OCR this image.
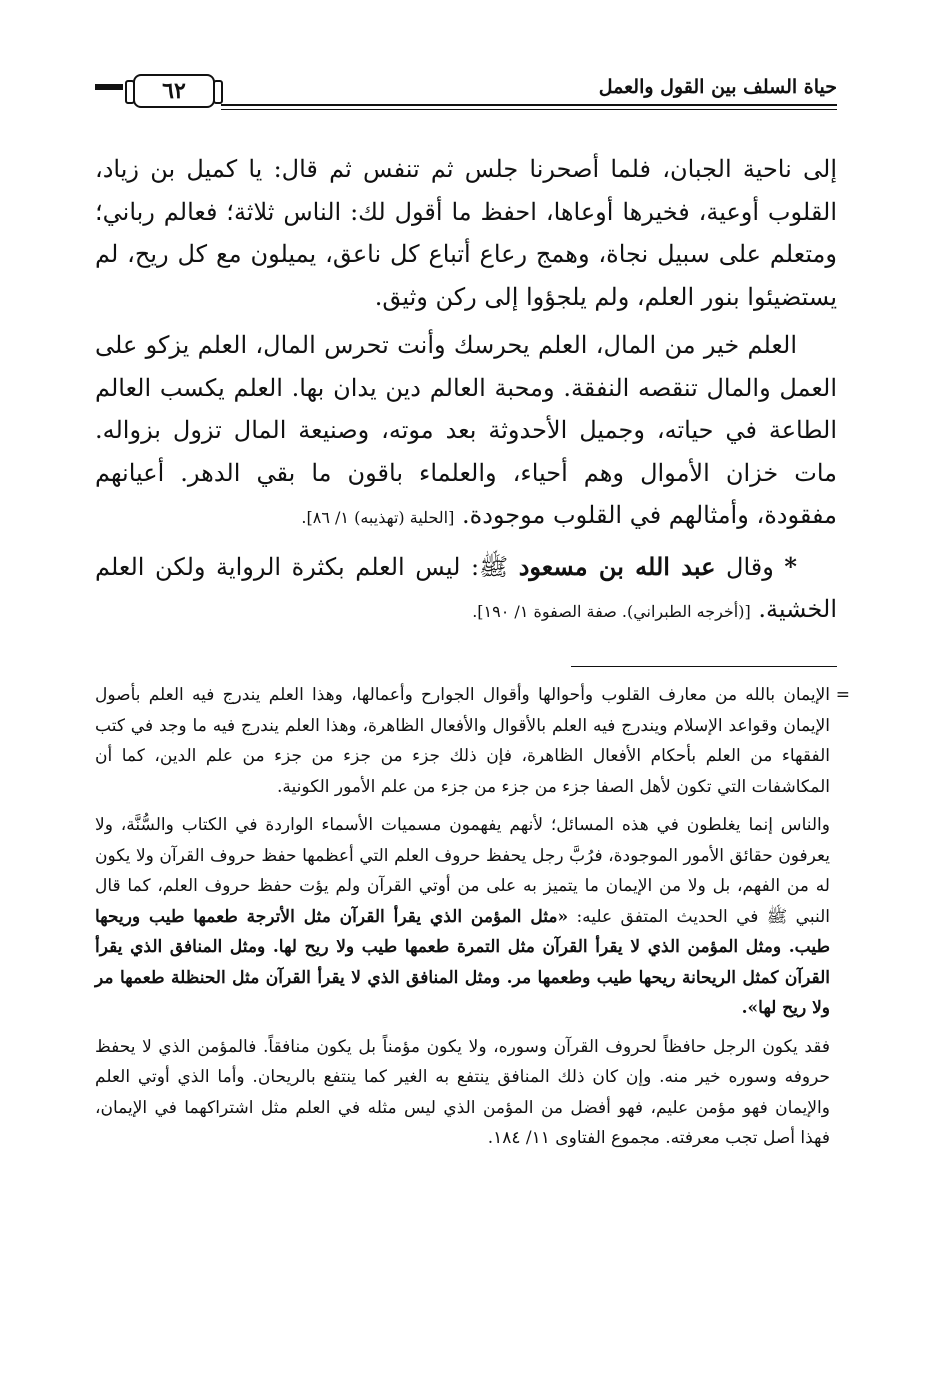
حياة السلف بين القول والعمل
٦٢

إلى ناحية الجبان، فلما أصحرنا جلس ثم تنفس ثم قال: يا كميل بن زياد، القلوب أوعية، فخيرها أوعاها، احفظ ما أقول لك: الناس ثلاثة؛ فعالم رباني؛ ومتعلم على سبيل نجاة، وهمج رعاع أتباع كل ناعق، يميلون مع كل ريح، لم يستضيئوا بنور العلم، ولم يلجؤوا إلى ركن وثيق.

العلم خير من المال، العلم يحرسك وأنت تحرس المال، العلم يزكو على العمل والمال تنقصه النفقة. ومحبة العالم دين يدان بها. العلم يكسب العالم الطاعة في حياته، وجميل الأحدوثة بعد موته، وصنيعة المال تزول بزواله. مات خزان الأموال وهم أحياء، والعلماء باقون ما بقي الدهر. أعيانهم مفقودة، وأمثالهم في القلوب موجودة. [الحلية (تهذيبه) ١/ ٨٦].

* وقال عبد الله بن مسعود ﷺ: ليس العلم بكثرة الرواية ولكن العلم الخشية. [(أخرجه الطبراني). صفة الصفوة ١/ ١٩٠].

=

الإيمان بالله من معارف القلوب وأحوالها وأقوال الجوارح وأعمالها، وهذا العلم يندرج فيه العلم بأصول الإيمان وقواعد الإسلام ويندرج فيه العلم بالأقوال والأفعال الظاهرة، وهذا العلم يندرج فيه ما وجد في كتب الفقهاء من العلم بأحكام الأفعال الظاهرة، فإن ذلك جزء من جزء من جزء من علم الدين، كما أن المكاشفات التي تكون لأهل الصفا جزء من جزء من جزء من علم الأمور الكونية.

والناس إنما يغلطون في هذه المسائل؛ لأنهم يفهمون مسميات الأسماء الواردة في الكتاب والسُّنَّة، ولا يعرفون حقائق الأمور الموجودة، فرُبَّ رجل يحفظ حروف العلم التي أعظمها حفظ حروف القرآن ولا يكون له من الفهم، بل ولا من الإيمان ما يتميز به على من أوتي القرآن ولم يؤت حفظ حروف العلم، كما قال النبي ﷺ في الحديث المتفق عليه: «مثل المؤمن الذي يقرأ القرآن مثل الأترجة طعمها طيب وريحها طيب. ومثل المؤمن الذي لا يقرأ القرآن مثل التمرة طعمها طيب ولا ريح لها. ومثل المنافق الذي يقرأ القرآن كمثل الريحانة ريحها طيب وطعمها مر. ومثل المنافق الذي لا يقرأ القرآن مثل الحنظلة طعمها مر ولا ريح لها».

فقد يكون الرجل حافظاً لحروف القرآن وسوره، ولا يكون مؤمناً بل يكون منافقاً. فالمؤمن الذي لا يحفظ حروفه وسوره خير منه. وإن كان ذلك المنافق ينتفع به الغير كما ينتفع بالريحان. وأما الذي أوتي العلم والإيمان فهو مؤمن عليم، فهو أفضل من المؤمن الذي ليس مثله في العلم مثل اشتراكهما في الإيمان، فهذا أصل تجب معرفته. مجموع الفتاوى ١١/ ١٨٤.
